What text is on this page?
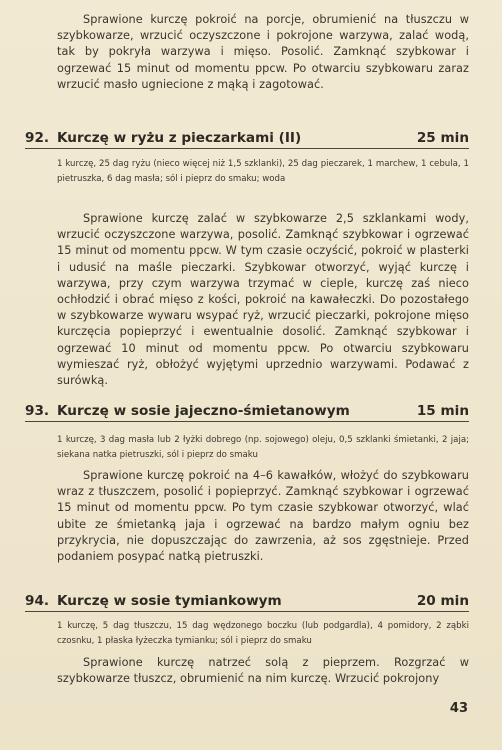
Sprawione kurczę pokroić na porcje, obrumienić na tłuszczu w szybkowarze, wrzucić oczyszczone i pokrojone warzywa, zalać wodą, tak by pokryła warzywa i mięso. Posolić. Zamknąć szybkowar i ogrzewać 15 minut od momentu ppcw. Po otwarciu szybkowaru zaraz wrzucić masło ugniecione z mąką i zagotować.

92. Kurczę w ryżu z pieczarkami (II)	25 min

1 kurczę, 25 dag ryżu (nieco więcej niż 1,5 szklanki), 25 dag pieczarek, 1 marchew, 1 cebula, 1 pietruszka, 6 dag masła; sól i pieprz do smaku; woda

Sprawione kurczę zalać w szybkowarze 2,5 szklankami wody, wrzucić oczyszczone warzywa, posolić. Zamknąć szybkowar i ogrzewać 15 minut od momentu ppcw. W tym czasie oczyścić, pokroić w plasterki i udusić na maśle pieczarki. Szybkowar otworzyć, wyjąć kurczę i warzywa, przy czym warzywa trzymać w cieple, kurczę zaś nieco ochłodzić i obrać mięso z kości, pokroić na kawałeczki. Do pozostałego w szybkowarze wywaru wsypać ryż, wrzucić pieczarki, pokrojone mięso kurczęcia popieprzyć i ewentualnie dosolić. Zamknąć szybkowar i ogrzewać 10 minut od momentu ppcw. Po otwarciu szybkowaru wymieszać ryż, obłożyć wyjętymi uprzednio warzywami. Podawać z surówką.

93. Kurczę w sosie jajeczno-śmietanowym	15 min

1 kurczę, 3 dag masła lub 2 łyżki dobrego (np. sojowego) oleju, 0,5 szklanki śmietanki, 2 jaja; siekana natka pietruszki, sól i pieprz do smaku

Sprawione kurczę pokroić na 4–6 kawałków, włożyć do szybkowaru wraz z tłuszczem, posolić i popieprzyć. Zamknąć szybkowar i ogrzewać 15 minut od momentu ppcw. Po tym czasie szybkowar otworzyć, wlać ubite ze śmietanką jaja i ogrzewać na bardzo małym ogniu bez przykrycia, nie dopuszczając do zawrzenia, aż sos zgęstnieje. Przed podaniem posypać natką pietruszki.

94. Kurczę w sosie tymiankowym	20 min

1 kurczę, 5 dag tłuszczu, 15 dag wędzonego boczku (lub podgardla), 4 pomidory, 2 ząbki czosnku, 1 płaska łyżeczka tymianku; sól i pieprz do smaku

Sprawione kurczę natrzeć solą z pieprzem. Rozgrzać w szybkowarze tłuszcz, obrumienić na nim kurczę. Wrzucić pokrojony

43
